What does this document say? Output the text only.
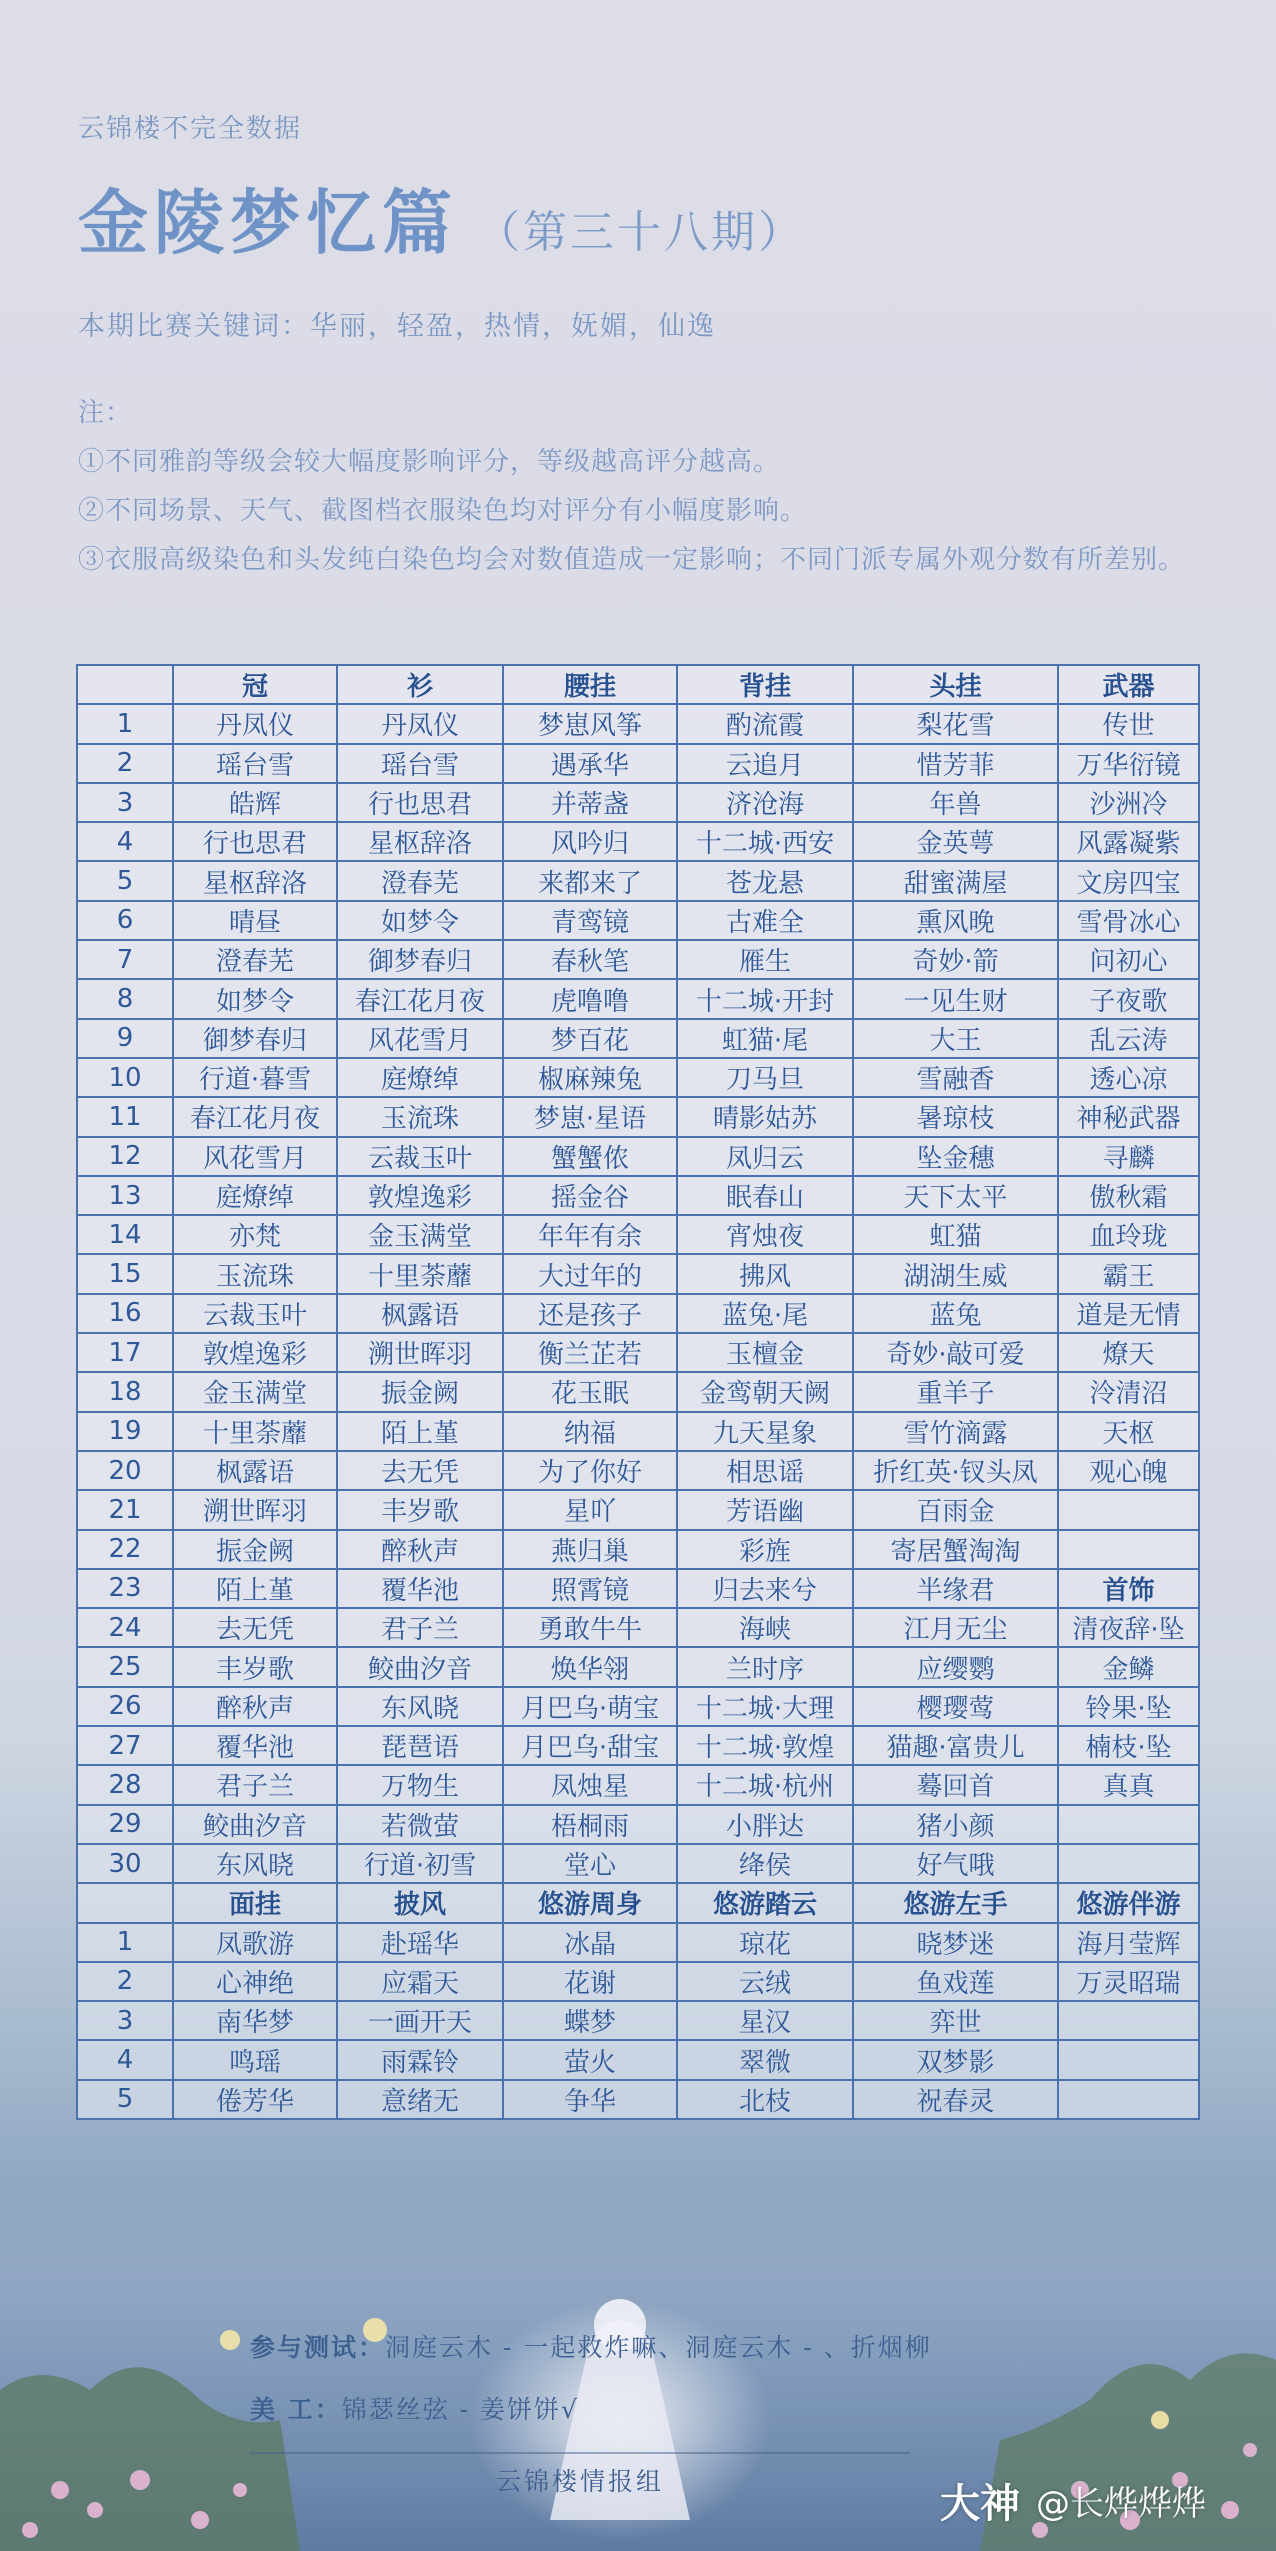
云锦楼不完全数据
金陵梦忆篇 （第三十八期）
本期比赛关键词：华丽，轻盈，热情，妩媚，仙逸
注：
①不同雅韵等级会较大幅度影响评分，等级越高评分越高。
②不同场景、天气、截图档衣服染色均对评分有小幅度影响。
③衣服高级染色和头发纯白染色均会对数值造成一定影响；不同门派专属外观分数有所差别。
	冠	衫	腰挂	背挂	头挂	武器
1	丹凤仪	丹凤仪	梦崽风筝	酌流霞	梨花雪	传世
2	瑶台雪	瑶台雪	遇承华	云追月	惜芳菲	万华衍镜
3	皓辉	行也思君	并蒂盏	济沧海	年兽	沙洲冷
4	行也思君	星枢辞洛	风吟归	十二城·西安	金英萼	风露凝紫
5	星枢辞洛	澄春芜	来都来了	苍龙悬	甜蜜满屋	文房四宝
6	晴昼	如梦令	青鸾镜	古难全	熏风晚	雪骨冰心
7	澄春芜	御梦春归	春秋笔	雁生	奇妙·箭	问初心
8	如梦令	春江花月夜	虎噜噜	十二城·开封	一见生财	子夜歌
9	御梦春归	风花雪月	梦百花	虹猫·尾	大王	乱云涛
10	行道·暮雪	庭燎绰	椒麻辣兔	刀马旦	雪融香	透心凉
11	春江花月夜	玉流珠	梦崽·星语	晴影姑苏	暑琼枝	神秘武器
12	风花雪月	云裁玉叶	蟹蟹侬	凤归云	坠金穗	寻麟
13	庭燎绰	敦煌逸彩	摇金谷	眠春山	天下太平	傲秋霜
14	亦梵	金玉满堂	年年有余	宵烛夜	虹猫	血玲珑
15	玉流珠	十里荼蘼	大过年的	拂风	湖湖生威	霸王
16	云裁玉叶	枫露语	还是孩子	蓝兔·尾	蓝兔	道是无情
17	敦煌逸彩	溯世晖羽	衡兰芷若	玉檀金	奇妙·敲可爱	燎天
18	金玉满堂	振金阙	花玉眠	金鸾朝天阙	重羊子	泠清沼
19	十里荼蘼	陌上堇	纳福	九天星象	雪竹滴露	天枢
20	枫露语	去无凭	为了你好	相思谣	折红英·钗头凤	观心魄
21	溯世晖羽	丰岁歌	星吖	芳语幽	百雨金	
22	振金阙	醉秋声	燕归巢	彩旌	寄居蟹淘淘	
23	陌上堇	覆华池	照霄镜	归去来兮	半缘君	首饰
24	去无凭	君子兰	勇敢牛牛	海峡	江月无尘	清夜辞·坠
25	丰岁歌	鲛曲汐音	焕华翎	兰时序	应缨鹦	金鳞
26	醉秋声	东风晓	月巴乌·萌宝	十二城·大理	樱璎莺	铃果·坠
27	覆华池	琵琶语	月巴乌·甜宝	十二城·敦煌	猫趣·富贵儿	楠枝·坠
28	君子兰	万物生	凤烛星	十二城·杭州	蓦回首	真真
29	鲛曲汐音	若微萤	梧桐雨	小胖达	猪小颜	
30	东风晓	行道·初雪	堂心	绛侯	好气哦	
	面挂	披风	悠游周身	悠游踏云	悠游左手	悠游伴游
1	凤歌游	赴瑶华	冰晶	琼花	晓梦迷	海月莹辉
2	心神绝	应霜天	花谢	云绒	鱼戏莲	万灵昭瑞
3	南华梦	一画开天	蝶梦	星汉	弈世	
4	鸣瑶	雨霖铃	萤火	翠微	双梦影	
5	倦芳华	意绪无	争华	北枝	祝春灵	
参与测试：洞庭云木 - 一起救炸嘛、洞庭云木 - 、折烟柳
美 工：锦瑟丝弦 - 姜饼饼√
云锦楼情报组	大神 @长烨烨烨
